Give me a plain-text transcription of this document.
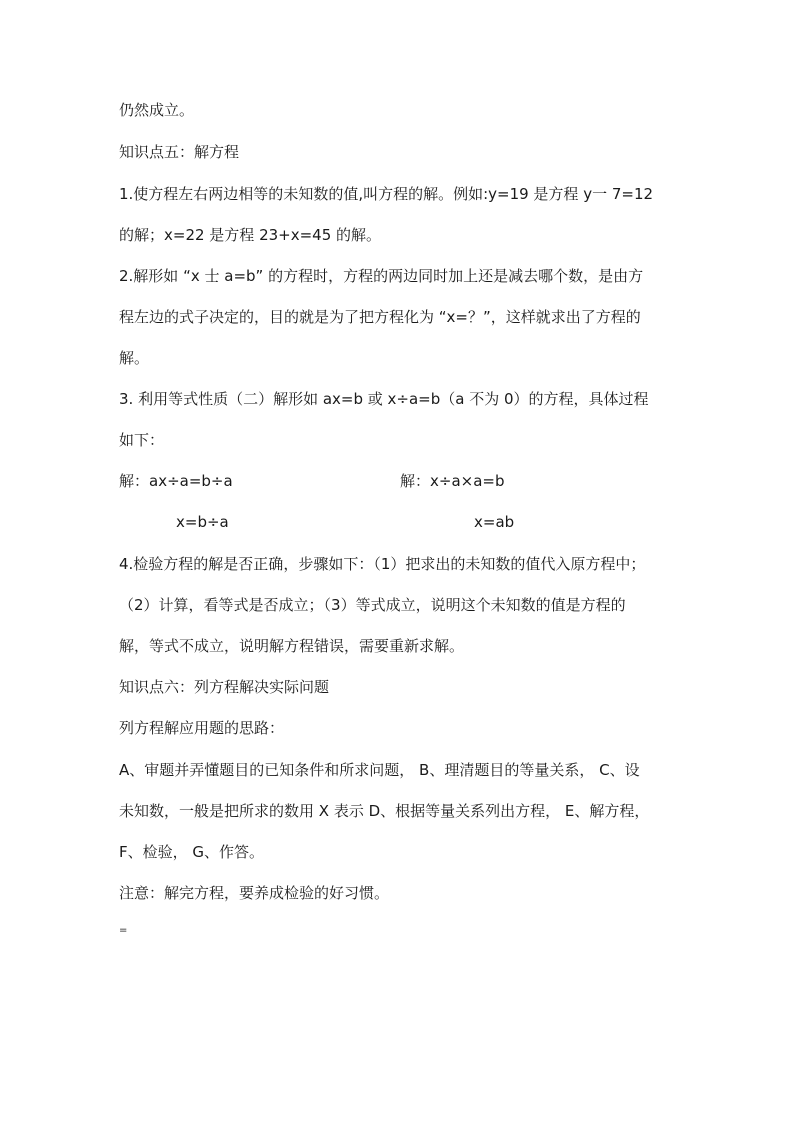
仍然成立。
知识点五：解方程
1.使方程左右两边相等的未知数的值,叫方程的解。例如:y=19 是方程 y一 7=12
的解；x=22 是方程 23+x=45 的解。
2.解形如 “x 士 a=b” 的方程时，方程的两边同时加上还是减去哪个数，是由方
程左边的式子决定的，目的就是为了把方程化为 “x=？”，这样就求出了方程的
解。
3. 利用等式性质（二）解形如 ax=b 或 x÷a=b（a 不为 0）的方程，具体过程
如下：
解：ax÷a=b÷a	解：x÷a×a=b
x=b÷a	x=ab
4.检验方程的解是否正确，步骤如下：（1）把求出的未知数的值代入原方程中；
（2）计算，看等式是否成立；（3）等式成立，说明这个未知数的值是方程的
解，等式不成立，说明解方程错误，需要重新求解。
知识点六：列方程解决实际问题
列方程解应用题的思路：
A、审题并弄懂题目的已知条件和所求问题， B、理清题目的等量关系， C、设
未知数，一般是把所求的数用 X 表示 D、根据等量关系列出方程， E、解方程，
F、检验， G、作答。
注意：解完方程，要养成检验的好习惯。
=
